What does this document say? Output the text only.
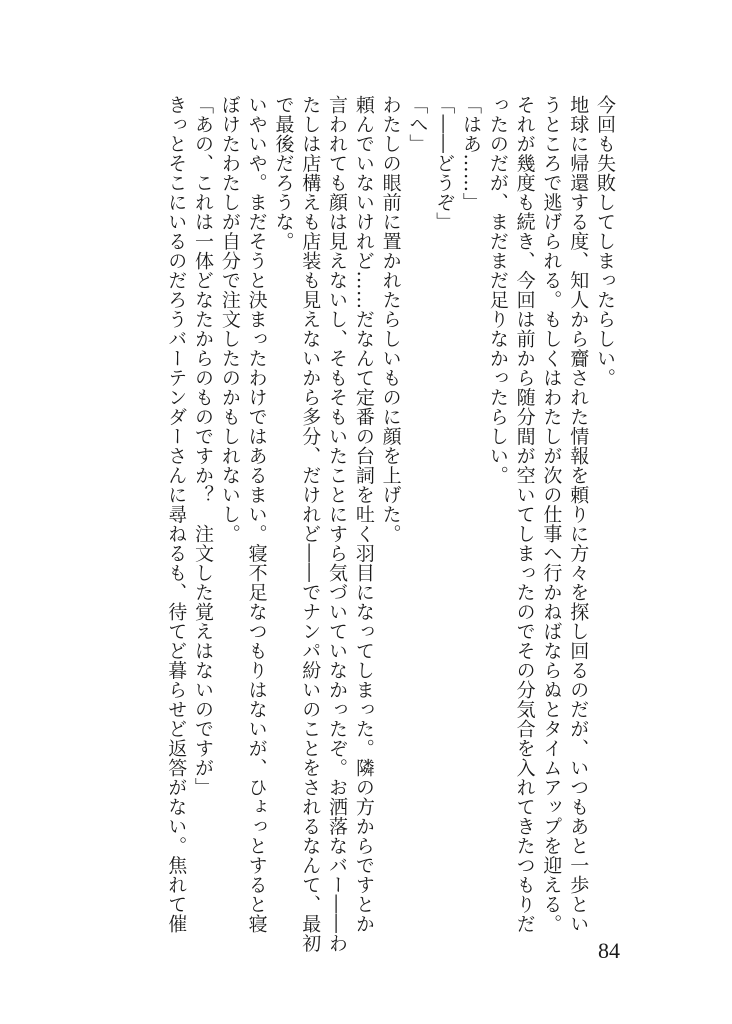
今回も失敗してしまったらしい。
地球に帰還する度、知人から齎された情報を頼りに方々を探し回るのだが、いつもあと一歩とい
うところで逃げられる。もしくはわたしが次の仕事へ行かねばならぬとタイムアップを迎える。
それが幾度も続き、今回は前から随分間が空いてしまったのでその分気合を入れてきたつもりだ
ったのだが、まだまだ足りなかったらしい。
「はあ……」
「――どうぞ」
「へ」
わたしの眼前に置かれたらしいものに顔を上げた。
頼んでいないけれど……だなんて定番の台詞を吐く羽目になってしまった。隣の方からですとか
言われても顔は見えないし、そもそもいたことにすら気づいていなかったぞ。お洒落なバー――わ
たしは店構えも店装も見えないから多分、だけれど――でナンパ紛いのことをされるなんて、最初
で最後だろうな。
いやいや。まだそうと決まったわけではあるまい。寝不足なつもりはないが、ひょっとすると寝
ぼけたわたしが自分で注文したのかもしれないし。
「あの、これは一体どなたからのものですか？　注文した覚えはないのですが」
きっとそこにいるのだろうバーテンダーさんに尋ねるも、待てど暮らせど返答がない。焦れて催
84
